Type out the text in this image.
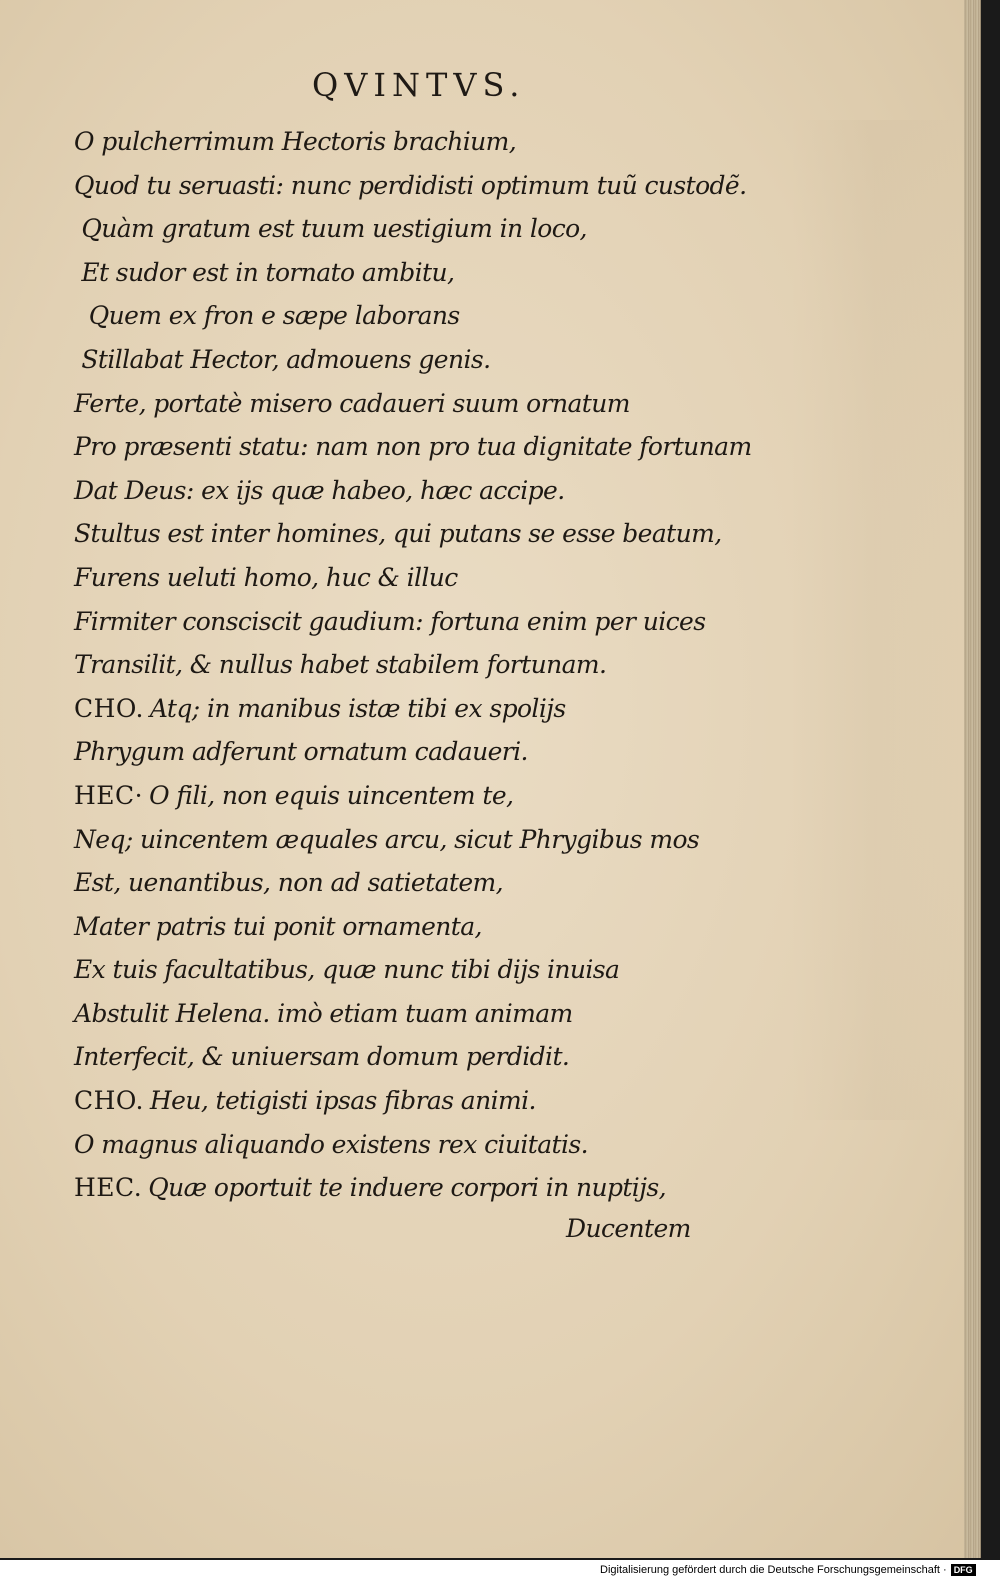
QVINTVS.
O pulcherrimum Hectoris brachium,
Quod tu seruasti: nunc perdidisti optimum tuũ custodẽ.
Quàm gratum est tuum uestigium in loco,
Et sudor est in tornato ambitu,
Quem ex fron e sæpe laborans
Stillabat Hector, admouens genis.
Ferte, portatè misero cadaueri suum ornatum
Pro præsenti statu: nam non pro tua dignitate fortunam
Dat Deus: ex ijs quæ habeo, hæc accipe.
Stultus est inter homines, qui putans se esse beatum,
Furens ueluti homo, huc & illuc
Firmiter consciscit gaudium: fortuna enim per uices
Transilit, & nullus habet stabilem fortunam.
CHO. Atq; in manibus istæ tibi ex spolijs
Phrygum adferunt ornatum cadaueri.
HEC· O fili, non equis uincentem te,
Neq; uincentem æquales arcu, sicut Phrygibus mos
Est, uenantibus, non ad satietatem,
Mater patris tui ponit ornamenta,
Ex tuis facultatibus, quæ nunc tibi dijs inuisa
Abstulit Helena. imò etiam tuam animam
Interfecit, & uniuersam domum perdidit.
CHO. Heu, tetigisti ipsas fibras animi.
O magnus aliquando existens rex ciuitatis.
HEC. Quæ oportuit te induere corpori in nuptijs,
Ducentem
Digitalisierung gefördert durch die Deutsche Forschungsgemeinschaft · DFG
